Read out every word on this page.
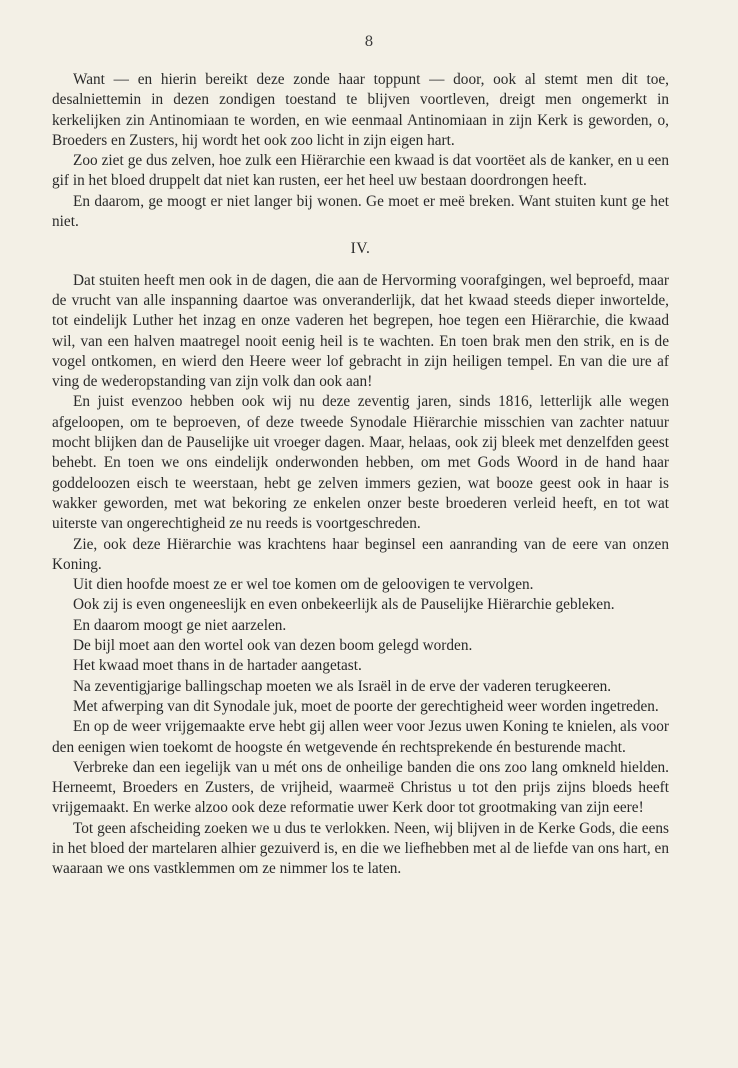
8

Want — en hierin bereikt deze zonde haar toppunt — door, ook al stemt men dit toe, desalniettemin in dezen zondigen toestand te blijven voortleven, dreigt men ongemerkt in kerkelijken zin Antinomiaan te worden, en wie eenmaal Antinomiaan in zijn Kerk is geworden, o, Broeders en Zusters, hij wordt het ook zoo licht in zijn eigen hart.

Zoo ziet ge dus zelven, hoe zulk een Hiërarchie een kwaad is dat voortëet als de kanker, en u een gif in het bloed druppelt dat niet kan rusten, eer het heel uw bestaan doordrongen heeft.

En daarom, ge moogt er niet langer bij wonen. Ge moet er meë breken. Want stuiten kunt ge het niet.

IV.

Dat stuiten heeft men ook in de dagen, die aan de Hervorming voorafgingen, wel beproefd, maar de vrucht van alle inspanning daartoe was onveranderlijk, dat het kwaad steeds dieper inwortelde, tot eindelijk Luther het inzag en onze vaderen het begrepen, hoe tegen een Hiërarchie, die kwaad wil, van een halven maatregel nooit eenig heil is te wachten. En toen brak men den strik, en is de vogel ontkomen, en wierd den Heere weer lof gebracht in zijn heiligen tempel. En van die ure af ving de wederopstanding van zijn volk dan ook aan!

En juist evenzoo hebben ook wij nu deze zeventig jaren, sinds 1816, letterlijk alle wegen afgeloopen, om te beproeven, of deze tweede Synodale Hiërarchie misschien van zachter natuur mocht blijken dan de Pauselijke uit vroeger dagen. Maar, helaas, ook zij bleek met denzelfden geest behebt. En toen we ons eindelijk onderwonden hebben, om met Gods Woord in de hand haar goddeloozen eisch te weerstaan, hebt ge zelven immers gezien, wat booze geest ook in haar is wakker geworden, met wat bekoring ze enkelen onzer beste broederen verleid heeft, en tot wat uiterste van ongerechtigheid ze nu reeds is voortgeschreden.

Zie, ook deze Hiërarchie was krachtens haar beginsel een aanranding van de eere van onzen Koning.

Uit dien hoofde moest ze er wel toe komen om de geloovigen te vervolgen.

Ook zij is even ongeneeslijk en even onbekeerlijk als de Pauselijke Hiërarchie gebleken.

En daarom moogt ge niet aarzelen.

De bijl moet aan den wortel ook van dezen boom gelegd worden.

Het kwaad moet thans in de hartader aangetast.

Na zeventigjarige ballingschap moeten we als Israël in de erve der vaderen terugkeeren.

Met afwerping van dit Synodale juk, moet de poorte der gerechtigheid weer worden ingetreden.

En op de weer vrijgemaakte erve hebt gij allen weer voor Jezus uwen Koning te knielen, als voor den eenigen wien toekomt de hoogste én wetgevende én rechtsprekende én besturende macht.

Verbreke dan een iegelijk van u mét ons de onheilige banden die ons zoo lang omkneld hielden. Herneemt, Broeders en Zusters, de vrijheid, waarmeë Christus u tot den prijs zijns bloeds heeft vrijgemaakt. En werke alzoo ook deze reformatie uwer Kerk door tot grootmaking van zijn eere!

Tot geen afscheiding zoeken we u dus te verlokken. Neen, wij blijven in de Kerke Gods, die eens in het bloed der martelaren alhier gezuiverd is, en die we liefhebben met al de liefde van ons hart, en waaraan we ons vastklemmen om ze nimmer los te laten.
